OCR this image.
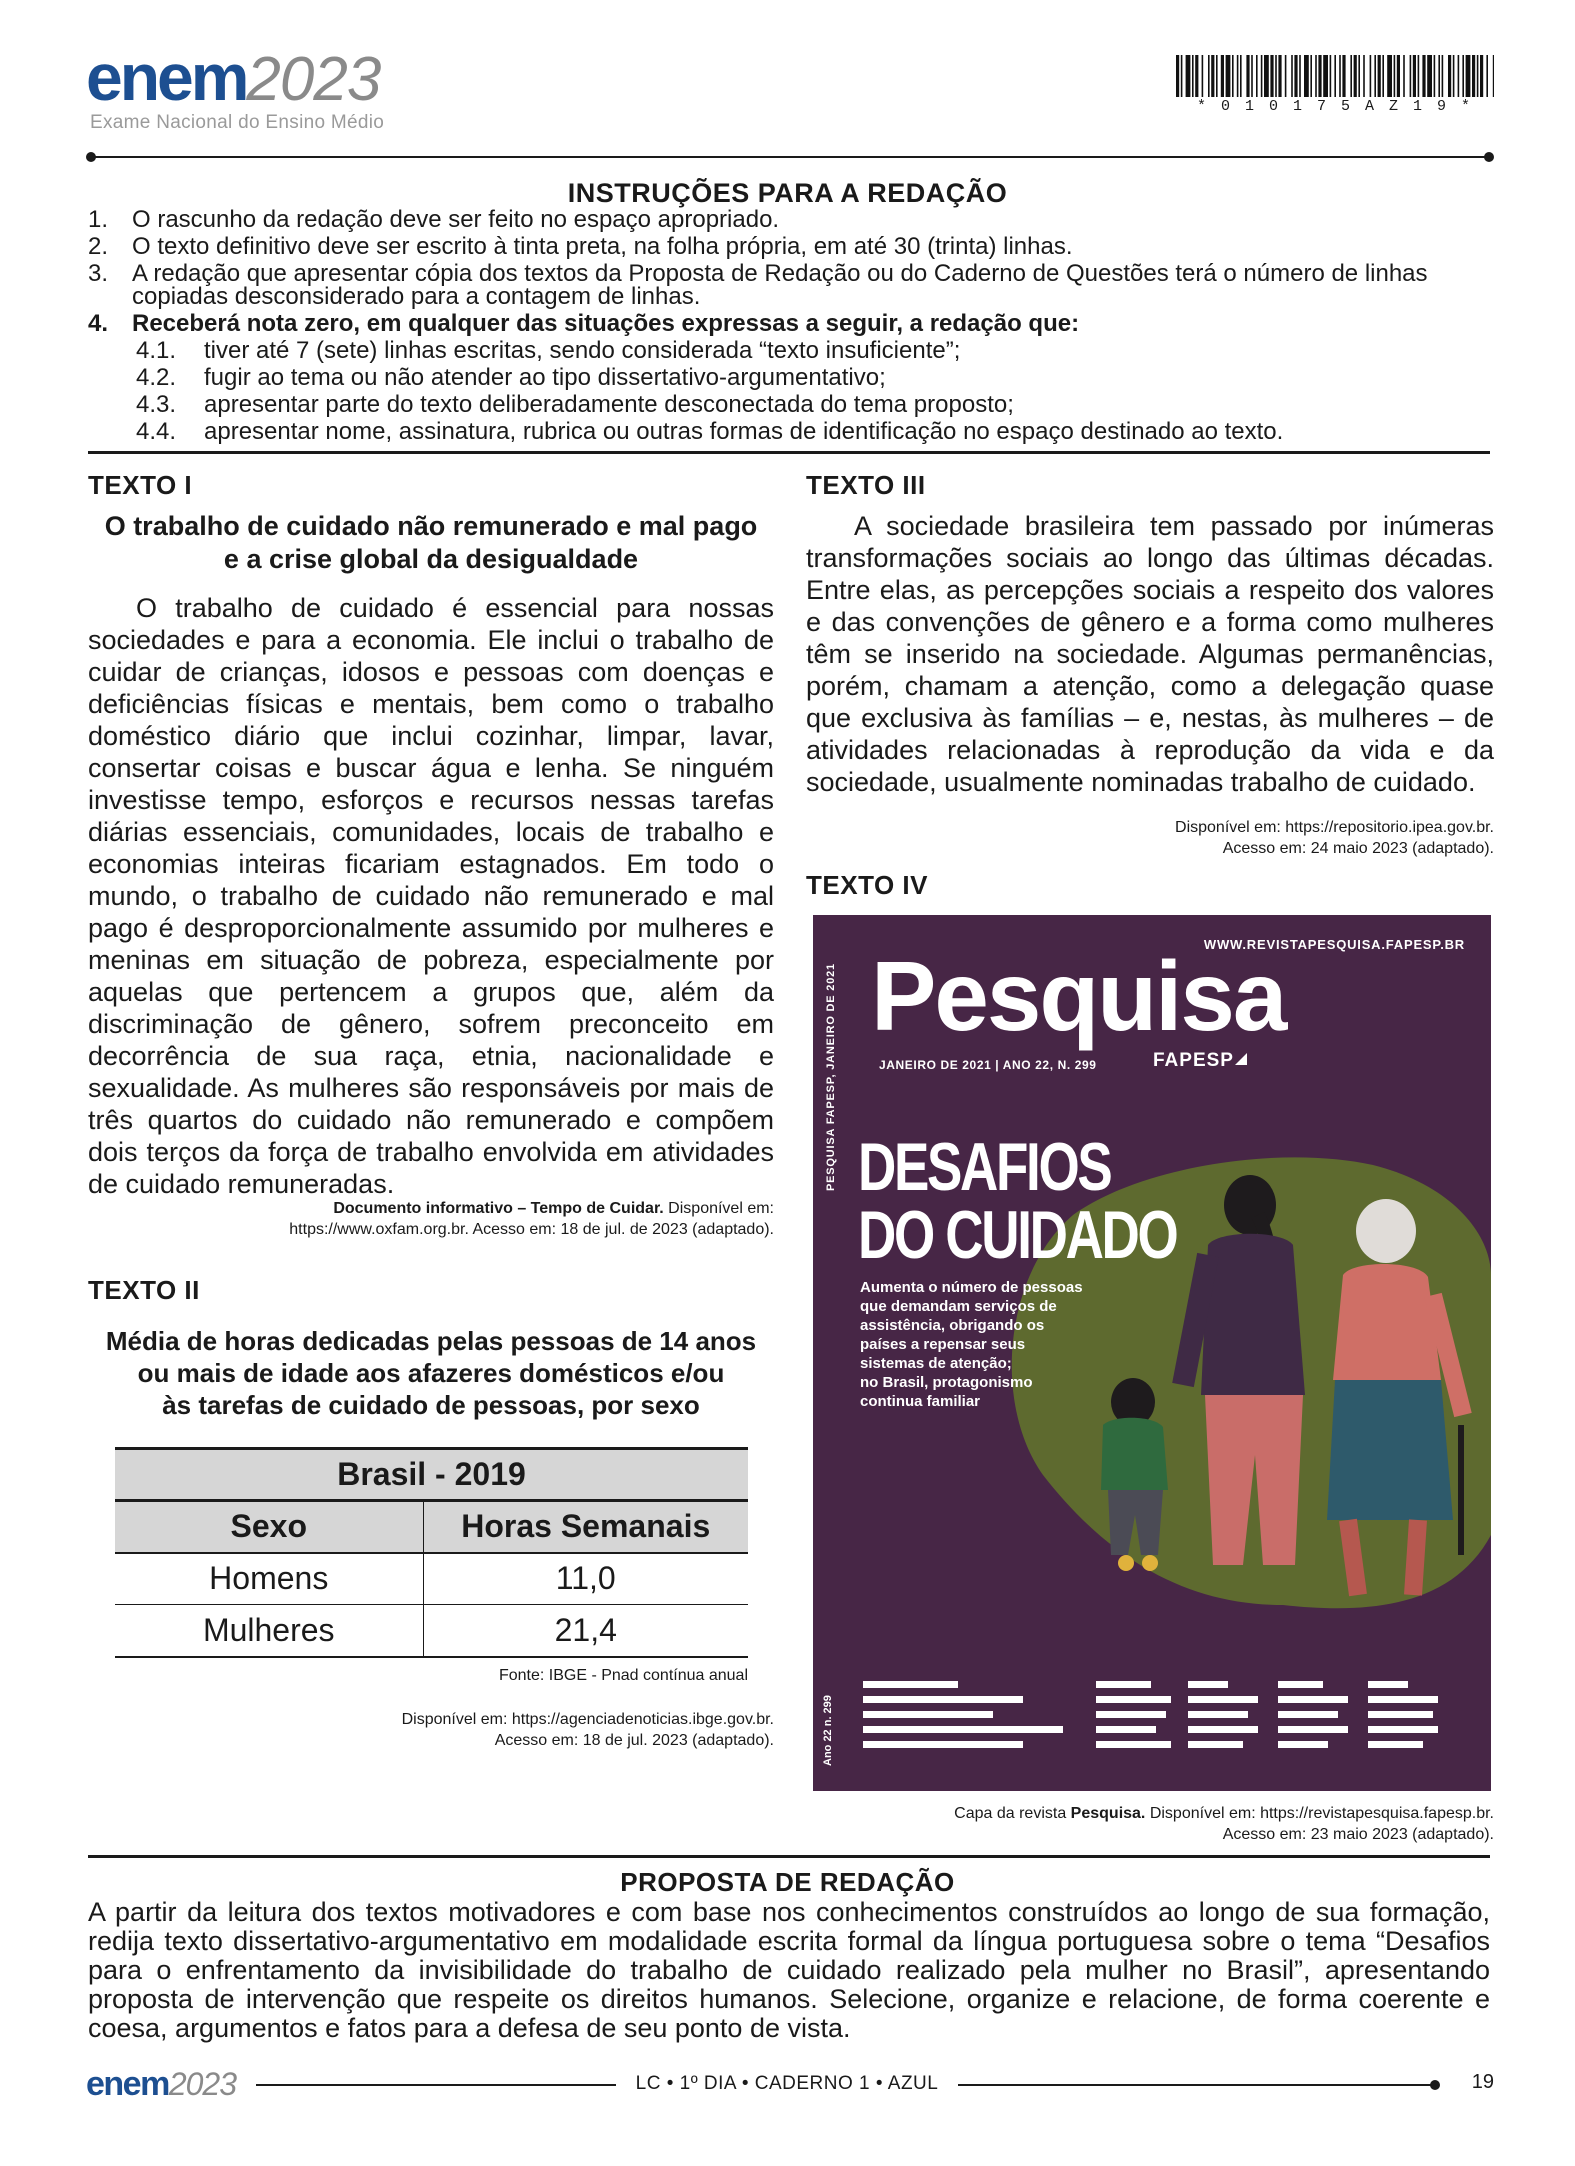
enem2023
Exame Nacional do Ensino Médio
* 0 1 0 1 7 5 A Z 1 9 *
INSTRUÇÕES PARA A REDAÇÃO
1. O rascunho da redação deve ser feito no espaço apropriado.
2. O texto definitivo deve ser escrito à tinta preta, na folha própria, em até 30 (trinta) linhas.
3. A redação que apresentar cópia dos textos da Proposta de Redação ou do Caderno de Questões terá o número de linhas
copiadas desconsiderado para a contagem de linhas.
4. Receberá nota zero, em qualquer das situações expressas a seguir, a redação que:
4.1. tiver até 7 (sete) linhas escritas, sendo considerada “texto insuficiente”;
4.2. fugir ao tema ou não atender ao tipo dissertativo-argumentativo;
4.3. apresentar parte do texto deliberadamente desconectada do tema proposto;
4.4. apresentar nome, assinatura, rubrica ou outras formas de identificação no espaço destinado ao texto.
TEXTO I
O trabalho de cuidado não remunerado e mal pago
e a crise global da desigualdade
O trabalho de cuidado é essencial para nossas sociedades e para a economia. Ele inclui o trabalho de cuidar de crianças, idosos e pessoas com doenças e deficiências físicas e mentais, bem como o trabalho doméstico diário que inclui cozinhar, limpar, lavar, consertar coisas e buscar água e lenha. Se ninguém investisse tempo, esforços e recursos nessas tarefas diárias essenciais, comunidades, locais de trabalho e economias inteiras ficariam estagnados. Em todo o mundo, o trabalho de cuidado não remunerado e mal pago é desproporcionalmente assumido por mulheres e meninas em situação de pobreza, especialmente por aquelas que pertencem a grupos que, além da discriminação de gênero, sofrem preconceito em decorrência de sua raça, etnia, nacionalidade e sexualidade. As mulheres são responsáveis por mais de três quartos do cuidado não remunerado e compõem dois terços da força de trabalho envolvida em atividades de cuidado remuneradas.
Documento informativo – Tempo de Cuidar. Disponível em:
https://www.oxfam.org.br. Acesso em: 18 de jul. de 2023 (adaptado).
TEXTO II
Média de horas dedicadas pelas pessoas de 14 anos
ou mais de idade aos afazeres domésticos e/ou
às tarefas de cuidado de pessoas, por sexo
Brasil - 2019	
Sexo	Horas Semanais
Homens	11,0
Mulheres	21,4
Fonte: IBGE - Pnad contínua anual
Disponível em: https://agenciadenoticias.ibge.gov.br.
Acesso em: 18 de jul. 2023 (adaptado).
TEXTO III
A sociedade brasileira tem passado por inúmeras transformações sociais ao longo das últimas décadas. Entre elas, as percepções sociais a respeito dos valores e das convenções de gênero e a forma como mulheres têm se inserido na sociedade. Algumas permanências, porém, chamam a atenção, como a delegação quase que exclusiva às famílias – e, nestas, às mulheres – de atividades relacionadas à reprodução da vida e da sociedade, usualmente nominadas trabalho de cuidado.
Disponível em: https://repositorio.ipea.gov.br.
Acesso em: 24 maio 2023 (adaptado).
TEXTO IV
WWW.REVISTAPESQUISA.FAPESP.BR
Pesquisa
JANEIRO DE 2021 | ANO 22, N. 299	FAPESP
PESQUISA FAPESP, JANEIRO DE 2021 DESAFIOS
DO CUIDADO
Aumenta o número de pessoas
que demandam serviços de
assistência, obrigando os
países a repensar seus
sistemas de atenção;
no Brasil, protagonismo
continua familiar
Ano 22 n. 299
Capa da revista Pesquisa. Disponível em: https://revistapesquisa.fapesp.br.
Acesso em: 23 maio 2023 (adaptado).
PROPOSTA DE REDAÇÃO
A partir da leitura dos textos motivadores e com base nos conhecimentos construídos ao longo de sua formação, redija texto dissertativo-argumentativo em modalidade escrita formal da língua portuguesa sobre o tema “Desafios para o enfrentamento da invisibilidade do trabalho de cuidado realizado pela mulher no Brasil”, apresentando proposta de intervenção que respeite os direitos humanos. Selecione, organize e relacione, de forma coerente e coesa, argumentos e fatos para a defesa de seu ponto de vista.
enem2023	LC • 1º DIA • CADERNO 1 • AZUL	19
